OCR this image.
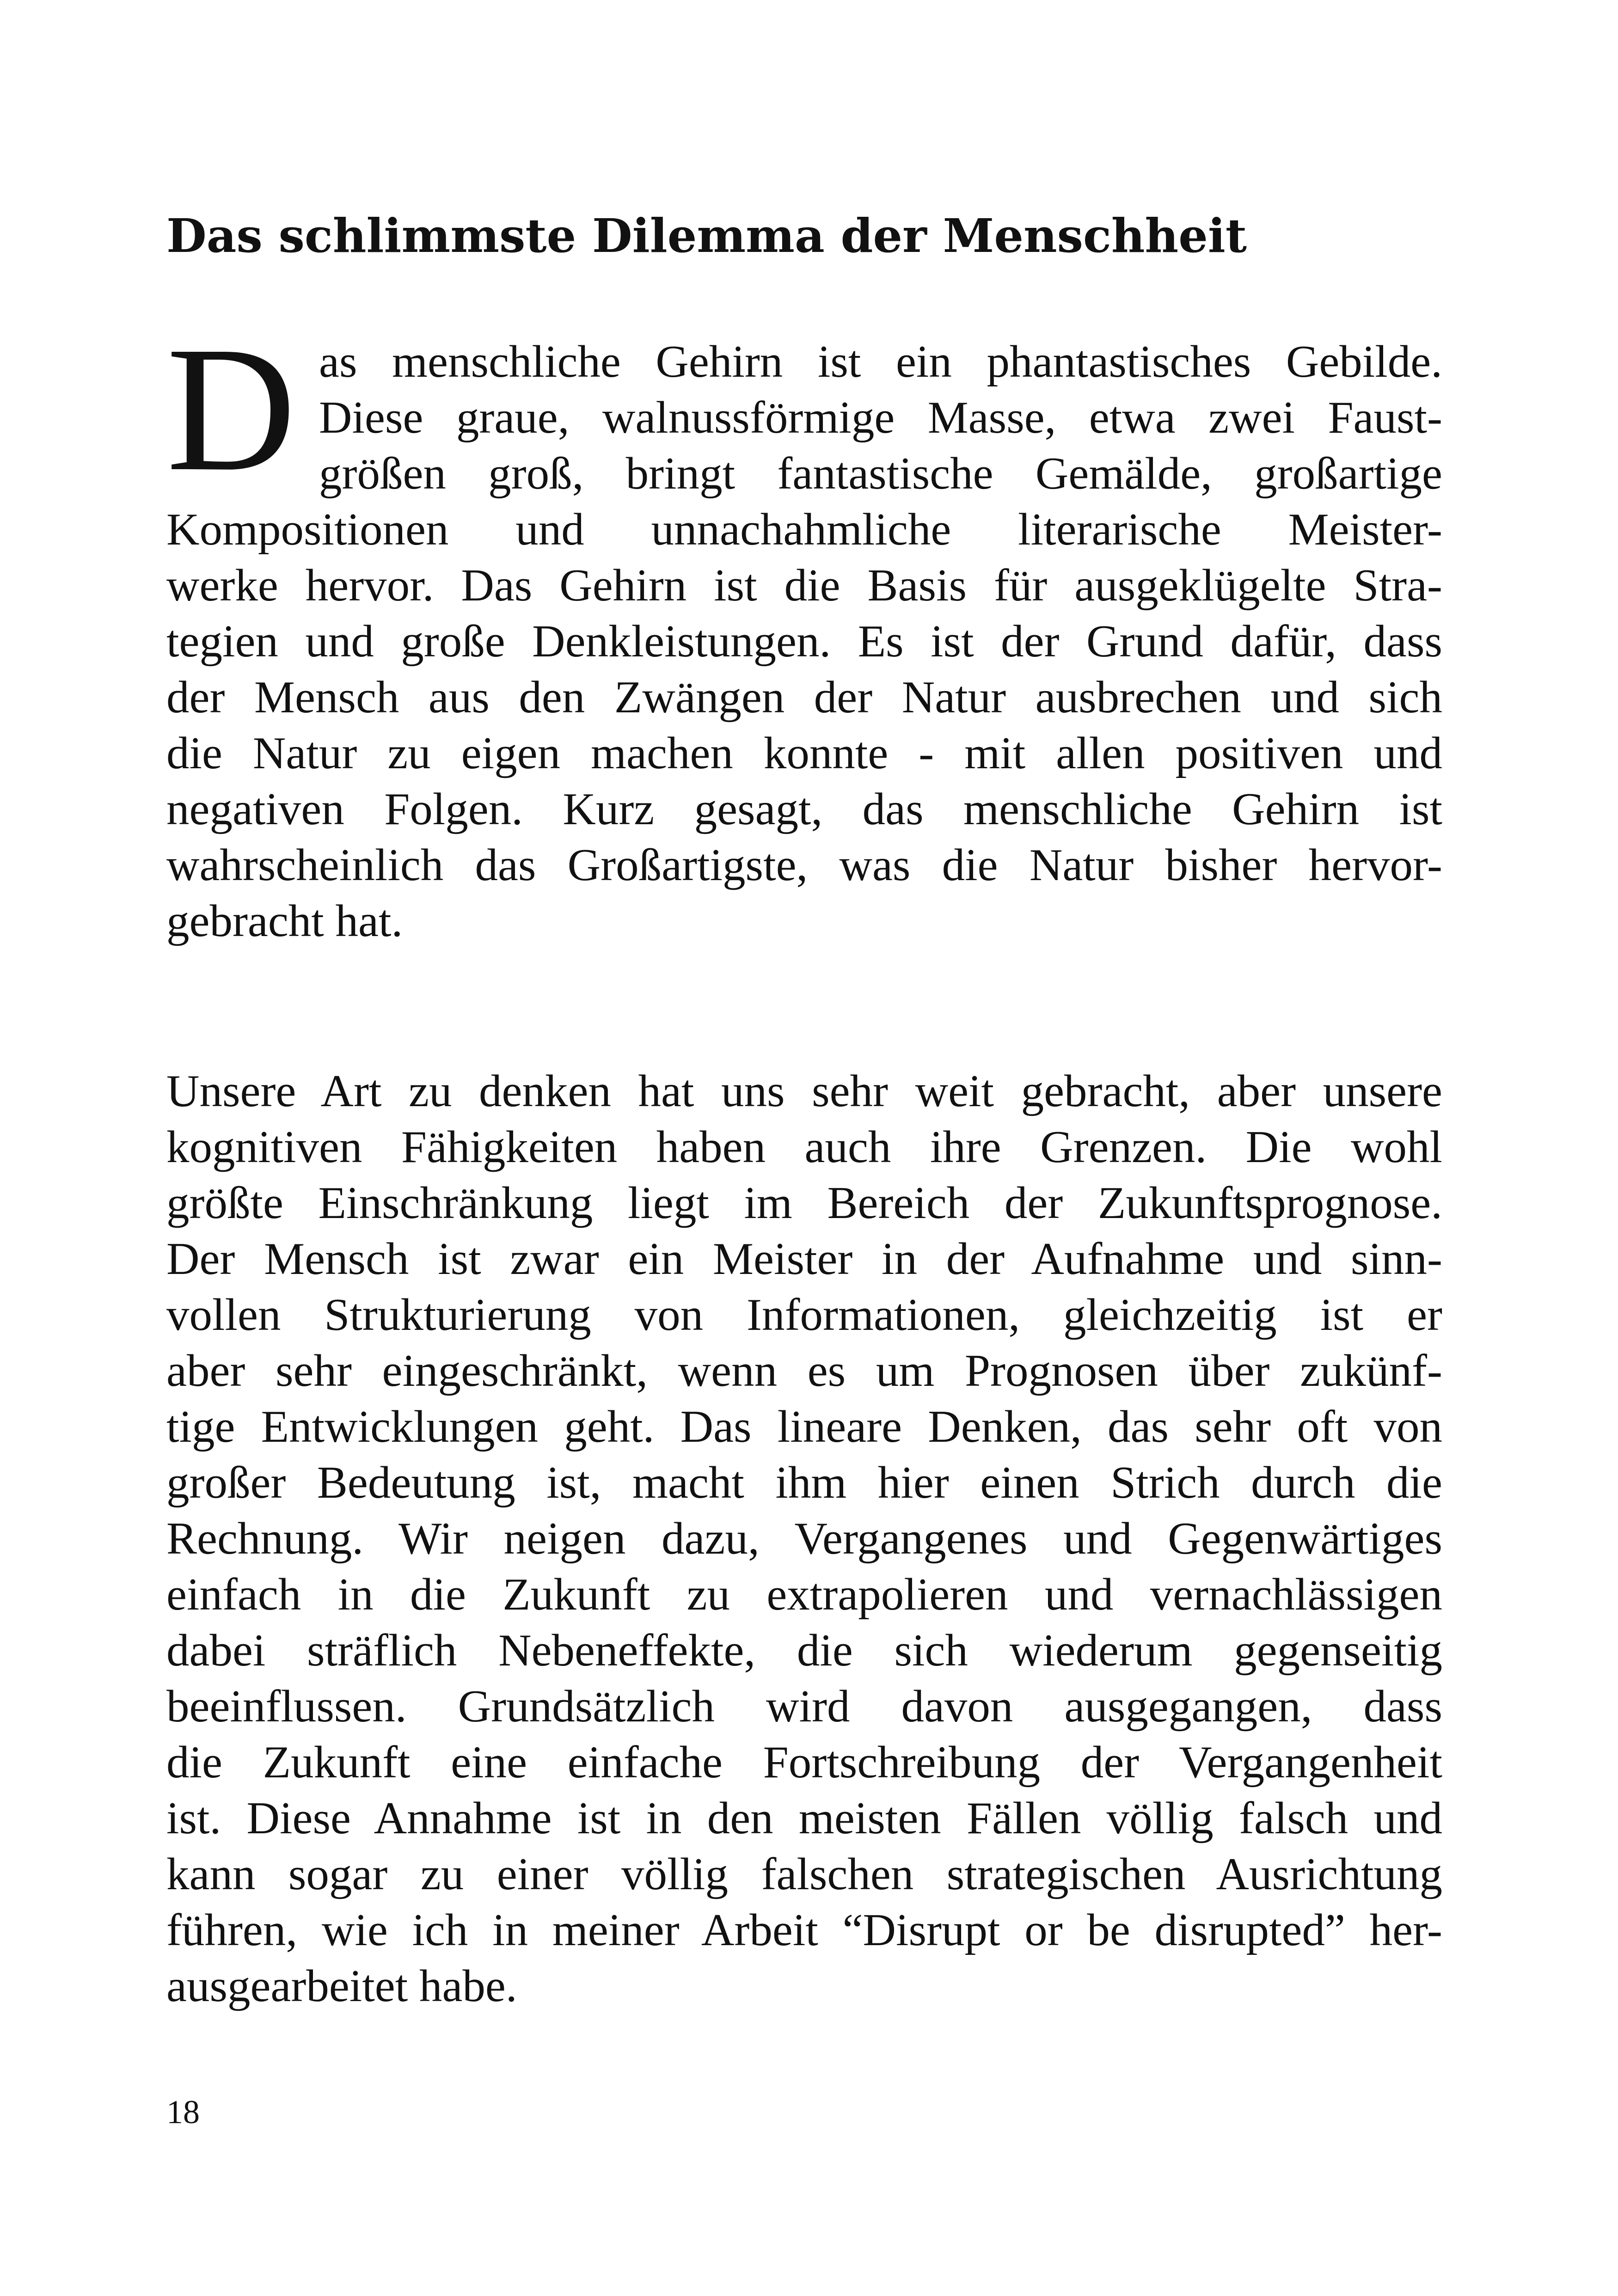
Das schlimmste Dilemma der Menschheit
D as menschliche Gehirn ist ein phantastisches Gebilde.
Diese graue, walnussförmige Masse, etwa zwei Faust-
größen groß, bringt fantastische Gemälde, großartige
Kompositionen und unnachahmliche literarische Meister-
werke hervor. Das Gehirn ist die Basis für ausgeklügelte Stra-
tegien und große Denkleistungen. Es ist der Grund dafür, dass
der Mensch aus den Zwängen der Natur ausbrechen und sich
die Natur zu eigen machen konnte - mit allen positiven und
negativen Folgen. Kurz gesagt, das menschliche Gehirn ist
wahrscheinlich das Großartigste, was die Natur bisher hervor-
gebracht hat.
Unsere Art zu denken hat uns sehr weit gebracht, aber unsere
kognitiven Fähigkeiten haben auch ihre Grenzen. Die wohl
größte Einschränkung liegt im Bereich der Zukunftsprognose.
Der Mensch ist zwar ein Meister in der Aufnahme und sinn-
vollen Strukturierung von Informationen, gleichzeitig ist er
aber sehr eingeschränkt, wenn es um Prognosen über zukünf-
tige Entwicklungen geht. Das lineare Denken, das sehr oft von
großer Bedeutung ist, macht ihm hier einen Strich durch die
Rechnung. Wir neigen dazu, Vergangenes und Gegenwärtiges
einfach in die Zukunft zu extrapolieren und vernachlässigen
dabei sträflich Nebeneffekte, die sich wiederum gegenseitig
beeinflussen. Grundsätzlich wird davon ausgegangen, dass
die Zukunft eine einfache Fortschreibung der Vergangenheit
ist. Diese Annahme ist in den meisten Fällen völlig falsch und
kann sogar zu einer völlig falschen strategischen Ausrichtung
führen, wie ich in meiner Arbeit “Disrupt or be disrupted” her-
ausgearbeitet habe.
18
